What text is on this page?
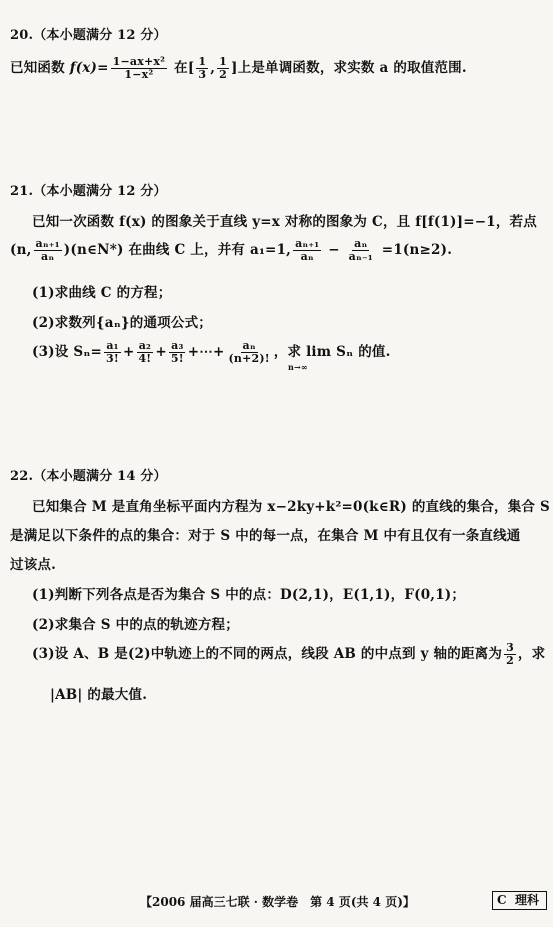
20.（本小题满分 12 分）
已知函数 $f(x)= \frac{\text{1−ax+x²}}{\text{1−x²}}$ 在[ $\frac{1}{3}$ , $\frac{1}{2}$ ]上是单调函数，求实数 a 的取值范围.
21.（本小题满分 12 分）
已知一次函数 f(x) 的图象关于直线 y=x 对称的图象为 C，且 f[f(1)]=−1，若点
(n, $\frac{\text{aₙ₊₁}}{\text{aₙ}}$ )(n∈N*) 在曲线 C 上，并有 a₁=1, $\frac{\text{aₙ₊₁}}{\text{aₙ}} - \frac{\text{aₙ}}{\text{aₙ₋₁}} =1(n\ge 2)$.
(1)求曲线 C 的方程；
(2)求数列{aₙ}的通项公式；
(3)设 $S_n= \frac{\text{a₁}}{3!} + \frac{\text{a₂}}{4!} + \frac{\text{a₃}}{5!}$ +⋯+ $\frac{\text{aₙ}}{(n+2)!}$ ，求 lim Sₙ 的值.
n→∞
22.（本小题满分 14 分）
已知集合 M 是直角坐标平面内方程为 x−2ky+k²=0(k∈R) 的直线的集合，集合 S
是满足以下条件的点的集合：对于 S 中的每一点，在集合 M 中有且仅有一条直线通
过该点.
(1)判断下列各点是否为集合 S 中的点：D(2,1)，E(1,1)，F(0,1)；
(2)求集合 S 中的点的轨迹方程；
(3)设 A、B 是(2)中轨迹上的不同的两点，线段 AB 的中点到 y 轴的距离为 $\frac{3}{2}$ ，求
|AB| 的最大值.
【2006 届高三七联 · 数学卷　第 4 页(共 4 页)】	C 理科
